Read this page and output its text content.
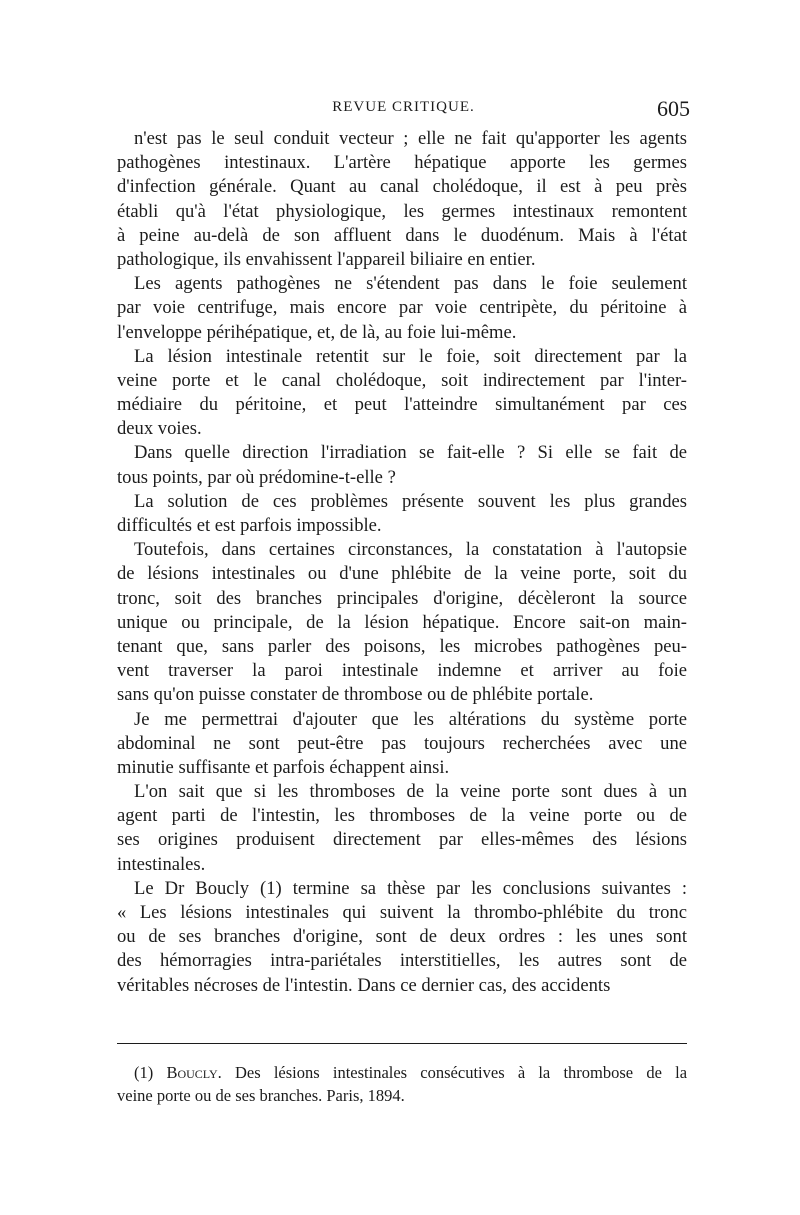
REVUE CRITIQUE.	605
n'est pas le seul conduit vecteur ; elle ne fait qu'apporter les agents
pathogènes intestinaux. L'artère hépatique apporte les germes
d'infection générale. Quant au canal cholédoque, il est à peu près
établi qu'à l'état physiologique, les germes intestinaux remontent
à peine au-delà de son affluent dans le duodénum. Mais à l'état
pathologique, ils envahissent l'appareil biliaire en entier.
Les agents pathogènes ne s'étendent pas dans le foie seulement
par voie centrifuge, mais encore par voie centripète, du péritoine à
l'enveloppe périhépatique, et, de là, au foie lui-même.
La lésion intestinale retentit sur le foie, soit directement par la
veine porte et le canal cholédoque, soit indirectement par l'inter-
médiaire du péritoine, et peut l'atteindre simultanément par ces
deux voies.
Dans quelle direction l'irradiation se fait-elle ? Si elle se fait de
tous points, par où prédomine-t-elle ?
La solution de ces problèmes présente souvent les plus grandes
difficultés et est parfois impossible.
Toutefois, dans certaines circonstances, la constatation à l'autopsie
de lésions intestinales ou d'une phlébite de la veine porte, soit du
tronc, soit des branches principales d'origine, décèleront la source
unique ou principale, de la lésion hépatique. Encore sait-on main-
tenant que, sans parler des poisons, les microbes pathogènes peu-
vent traverser la paroi intestinale indemne et arriver au foie
sans qu'on puisse constater de thrombose ou de phlébite portale.
Je me permettrai d'ajouter que les altérations du système porte
abdominal ne sont peut-être pas toujours recherchées avec une
minutie suffisante et parfois échappent ainsi.
L'on sait que si les thromboses de la veine porte sont dues à un
agent parti de l'intestin, les thromboses de la veine porte ou de
ses origines produisent directement par elles-mêmes des lésions
intestinales.
Le Dr Boucly (1) termine sa thèse par les conclusions suivantes :
« Les lésions intestinales qui suivent la thrombo-phlébite du tronc
ou de ses branches d'origine, sont de deux ordres : les unes sont
des hémorragies intra-pariétales interstitielles, les autres sont de
véritables nécroses de l'intestin. Dans ce dernier cas, des accidents
(1) Boucly. Des lésions intestinales consécutives à la thrombose de la
veine porte ou de ses branches. Paris, 1894.
